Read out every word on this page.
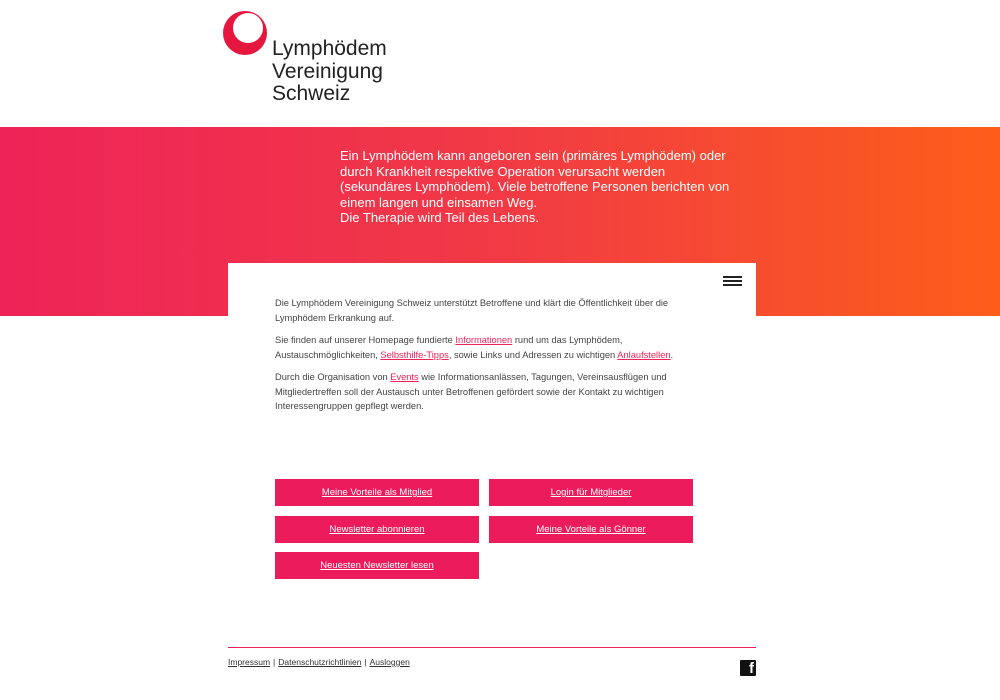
Lymphödem
Vereinigung
Schweiz

Ein Lymphödem kann angeboren sein (primäres Lymphödem) oder durch Krankheit respektive Operation verursacht werden (sekundäres Lymphödem). Viele betroffene Personen berichten von einem langen und einsamen Weg.

Die Therapie wird Teil des Lebens.

Die Lymphödem Vereinigung Schweiz unterstützt Betroffene und klärt die Öffentlichkeit über die Lymphödem Erkrankung auf.

Sie finden auf unserer Homepage fundierte Informationen rund um das Lymphödem, Austauschmöglichkeiten, Selbsthilfe-Tipps, sowie Links und Adressen zu wichtigen Anlaufstellen.

Durch die Organisation von Events wie Informationsanlässen, Tagungen, Vereinsausflügen und Mitgliedertreffen soll der Austausch unter Betroffenen gefördert sowie der Kontakt zu wichtigen Interessengruppen gepflegt werden.

Meine Vorteile als Mitglied	Login für Mitglieder
Newsletter abonnieren	Meine Vorteile als Gönner
Neuesten Newsletter lesen
Impressum | Datenschutzrichtlinien | Ausloggen	f
